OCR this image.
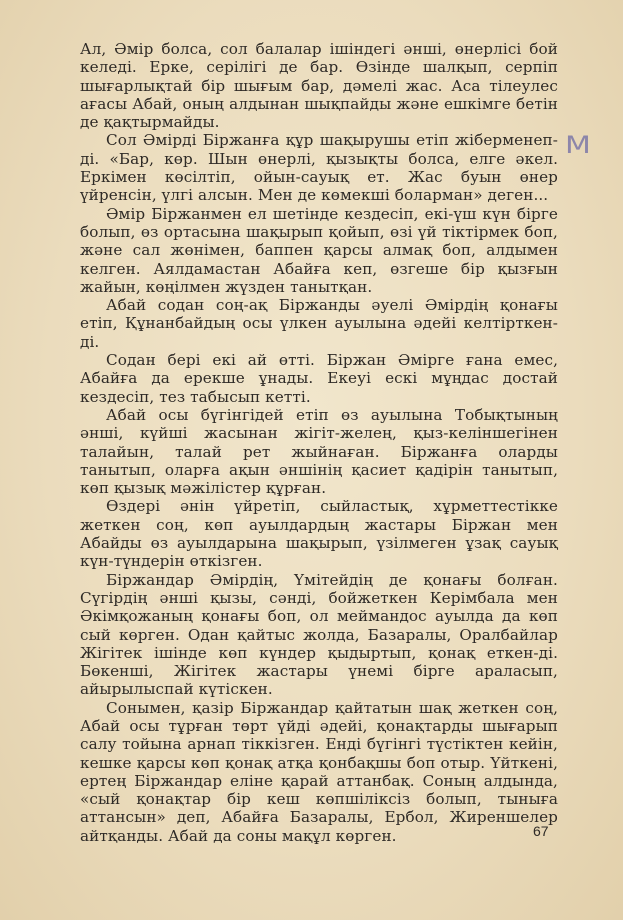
Ал, Әмір болса, сол балалар ішіндегі әнші, өнерлісі бой келеді. Ерке, серілігі де бар. Өзінде шалқып, серпіп шығарлықтай бір шығым бар, дәмелі жас. Аса тілеулес ағасы Абай, оның алдынан шықпайды және ешкімге бетін де қақтырмайды.

Сол Әмірді Біржанға құр шақырушы етіп жіберменеп-ді. «Бар, көр. Шын өнерлі, қызықты болса, елге әкел. Еркімен көсілтіп, ойын-сауық ет. Жас буын өнер үйренсін, үлгі алсын. Мен де көмекші боларман» деген...

Әмір Біржанмен ел шетінде кездесіп, екі-үш күн бірге болып, өз ортасына шақырып қойып, өзі үй тіктірмек боп, және сал жөнімен, баппен қарсы алмақ боп, алдымен келген. Аялдамастан Абайға кеп, өзгеше бір қызғын жайын, көңілмен жүзден танытқан.

Абай содан соң-ақ Біржанды әуелі Әмірдің қонағы етіп, Құнанбайдың осы үлкен ауылына әдейі келтірткен-ді.

Содан бері екі ай өтті. Біржан Әмірге ғана емес, Абайға да ерекше ұнады. Екеуі ескі мұңдас достай кездесіп, тез табысып кетті.

Абай осы бүгінгідей етіп өз ауылына Тобықтының әнші, күйші жасынан жігіт-желең, қыз-келіншегінен талайын, талай рет жыйнаған. Біржанға оларды танытып, оларға ақын әншінің қасиет қадірін танытып, көп қызық мәжілістер құрған.

Өздері әнін үйретіп, сыйластық, хұрметтестікке жеткен соң, көп ауылдардың жастары Біржан мен Абайды өз ауылдарына шақырып, үзілмеген ұзақ сауық күн-түндерін өткізген.

Біржандар Әмірдің, Үмітейдің де қонағы болған. Сүгірдің әнші қызы, сәнді, бойжеткен Керімбала мен Әкімқожаның қонағы боп, ол меймандос ауылда да көп сый көрген. Одан қайтыс жолда, Базаралы, Оралбайлар Жігітек ішінде көп күндер қыдыртып, қонақ еткен-ді. Бөкенші, Жігітек жастары үнемі бірге араласып, айырылыспай күтіскен.

Сонымен, қазір Біржандар қайтатын шақ жеткен соң, Абай осы тұрған төрт үйді әдейі, қонақтарды шығарып салу тойына арнап тіккізген. Енді бүгінгі түстіктен кейін, кешке қарсы көп қонақ атқа қонбақшы боп отыр. Үйткені, ертең Біржандар еліне қарай аттанбақ. Соның алдында, «сый қонақтар бір кеш көпшіліксіз болып, тыныға аттансын» деп, Абайға Базаралы, Ербол, Жиреншелер айтқанды. Абай да соны мақұл көрген.

M
67
